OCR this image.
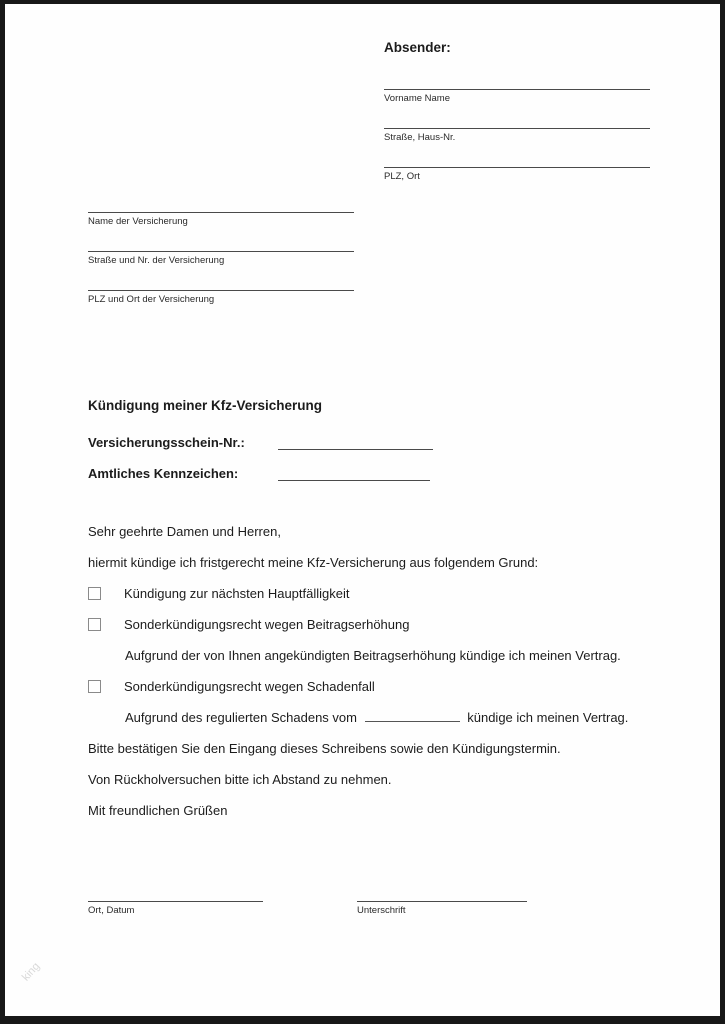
Absender:
Vorname Name
Straße, Haus-Nr.
PLZ, Ort
Name der Versicherung
Straße und Nr. der Versicherung
PLZ und Ort der Versicherung
Kündigung meiner Kfz-Versicherung
Versicherungsschein-Nr.:
Amtliches Kennzeichen:

Sehr geehrte Damen und Herren,

hiermit kündige ich fristgerecht meine Kfz-Versicherung aus folgendem Grund:

Kündigung zur nächsten Hauptfälligkeit
Sonderkündigungsrecht wegen Beitragserhöhung

Aufgrund der von Ihnen angekündigten Beitragserhöhung kündige ich meinen Vertrag.

Sonderkündigungsrecht wegen Schadenfall

Aufgrund des regulierten Schadens vom	kündige ich meinen Vertrag.

Bitte bestätigen Sie den Eingang dieses Schreibens sowie den Kündigungstermin.

Von Rückholversuchen bitte ich Abstand zu nehmen.

Mit freundlichen Grüßen

Ort, Datum	Unterschrift
king
